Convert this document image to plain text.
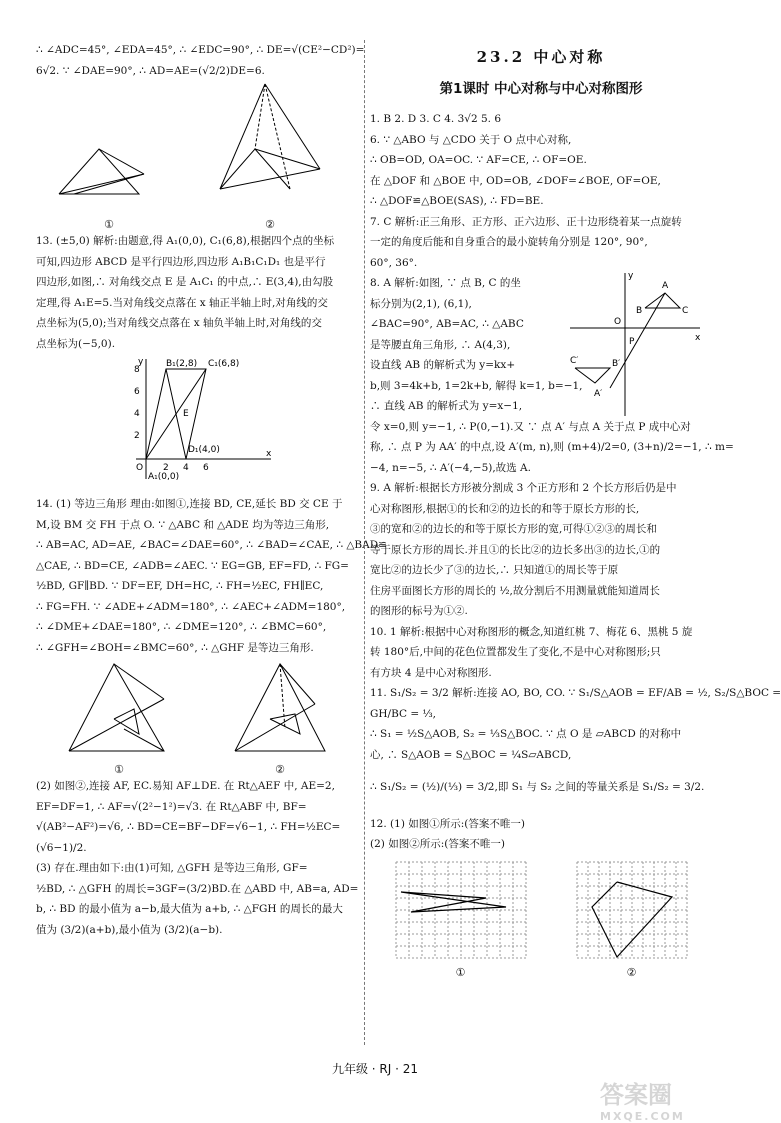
∴ ∠ADC=45°, ∠EDA=45°, ∴ ∠EDC=90°, ∴ DE=√(CE²−CD²)=
6√2. ∵ ∠DAE=90°, ∴ AD=AE=(√2/2)DE=6.
①	②
13. (±5,0) 解析:由题意,得 A₁(0,0), C₁(6,8),根据四个点的坐标
可知,四边形 ABCD 是平行四边形,四边形 A₁B₁C₁D₁ 也是平行
四边形,如图,∴ 对角线交点 E 是 A₁C₁ 的中点,∴ E(3,4),由勾股
定理,得 A₁E=5.当对角线交点落在 x 轴正半轴上时,对角线的交
点坐标为(5,0);当对角线交点落在 x 轴负半轴上时,对角线的交
点坐标为(−5,0).
B₁(2,8) C₁(6,8)
D₁(4,0)
A₁(0,0)
E
O
x
y
8
6
4
2
2 4 6
14. (1) 等边三角形 理由:如图①,连接 BD, CE,延长 BD 交 CE 于
M,设 BM 交 FH 于点 O. ∵ △ABC 和 △ADE 均为等边三角形,
∴ AB=AC, AD=AE, ∠BAC=∠DAE=60°, ∴ ∠BAD=∠CAE, ∴ △BAD≌
△CAE, ∴ BD=CE, ∠ADB=∠AEC. ∵ EG=GB, EF=FD, ∴ FG=
½BD, GF∥BD. ∵ DF=EF, DH=HC, ∴ FH=½EC, FH∥EC,
∴ FG=FH. ∵ ∠ADE+∠ADM=180°, ∴ ∠AEC+∠ADM=180°,
∴ ∠DME+∠DAE=180°, ∴ ∠DME=120°, ∴ ∠BMC=60°,
∴ ∠GFH=∠BOH=∠BMC=60°, ∴ △GHF 是等边三角形.
①	②
(2) 如图②,连接 AF, EC.易知 AF⊥DE. 在 Rt△AEF 中, AE=2,
EF=DF=1, ∴ AF=√(2²−1²)=√3. 在 Rt△ABF 中, BF=
√(AB²−AF²)=√6, ∴ BD=CE=BF−DF=√6−1, ∴ FH=½EC=
(√6−1)/2.
(3) 存在.理由如下:由(1)可知, △GFH 是等边三角形, GF=
½BD, ∴ △GFH 的周长=3GF=(3/2)BD.在 △ABD 中, AB=a, AD=
b, ∴ BD 的最小值为 a−b,最大值为 a+b, ∴ △FGH 的周长的最大
值为 (3/2)(a+b),最小值为 (3/2)(a−b).
23.2 中心对称
第1课时 中心对称与中心对称图形
1. B 2. D 3. C 4. 3√2 5. 6
6. ∵ △ABO 与 △CDO 关于 O 点中心对称,
∴ OB=OD, OA=OC. ∵ AF=CE, ∴ OF=OE.
在 △DOF 和 △BOE 中, OD=OB, ∠DOF=∠BOE, OF=OE,
∴ △DOF≌△BOE(SAS), ∴ FD=BE.
7. C 解析:正三角形、正方形、正六边形、正十边形绕着某一点旋转
一定的角度后能和自身重合的最小旋转角分别是 120°, 90°,
60°, 36°.
8. A 解析:如图, ∵ 点 B, C 的坐
标分别为(2,1), (6,1),
∠BAC=90°, AB=AC, ∴ △ABC
是等腰直角三角形, ∴ A(4,3),
设直线 AB 的解析式为 y=kx+
b,则 3=4k+b, 1=2k+b, 解得 k=1, b=−1,
∴ 直线 AB 的解析式为 y=x−1,
A
C
B
O
P	x
y
C′	B′
A′
令 x=0,则 y=−1, ∴ P(0,−1).又 ∵ 点 A′ 与点 A 关于点 P 成中心对
称, ∴ 点 P 为 AA′ 的中点,设 A′(m, n),则 (m+4)/2=0, (3+n)/2=−1, ∴ m=
−4, n=−5, ∴ A′(−4,−5),故选 A.
9. A 解析:根据长方形被分割成 3 个正方形和 2 个长方形后仍是中
心对称图形,根据①的长和②的边长的和等于原长方形的长,
③的宽和②的边长的和等于原长方形的宽,可得①②③的周长和
等于原长方形的周长.并且①的长比②的边长多出③的边长,①的
宽比②的边长少了③的边长,∴ 只知道①的周长等于原
住房平面图长方形的周长的 ½,故分割后不用测量就能知道周长
的图形的标号为①②.
10. 1 解析:根据中心对称图形的概念,知道红桃 7、梅花 6、黑桃 5 旋
转 180°后,中间的花色位置都发生了变化,不是中心对称图形;只
有方块 4 是中心对称图形.
11. S₁/S₂ = 3/2 解析:连接 AO, BO, CO. ∵ S₁/S△AOB = EF/AB = ½, S₂/S△BOC =
GH/BC = ⅓,
∴ S₁ = ½S△AOB, S₂ = ⅓S△BOC. ∵ 点 O 是 ▱ABCD 的对称中
心, ∴ S△AOB = S△BOC = ¼S▱ABCD,
∴ S₁/S₂ = (½)/(⅓) = 3/2,即 S₁ 与 S₂ 之间的等量关系是 S₁/S₂ = 3/2.
12. (1) 如图①所示:(答案不唯一)
(2) 如图②所示:(答案不唯一)
①	②
九年级 · RJ · 21
答案圈
MXQE.COM
